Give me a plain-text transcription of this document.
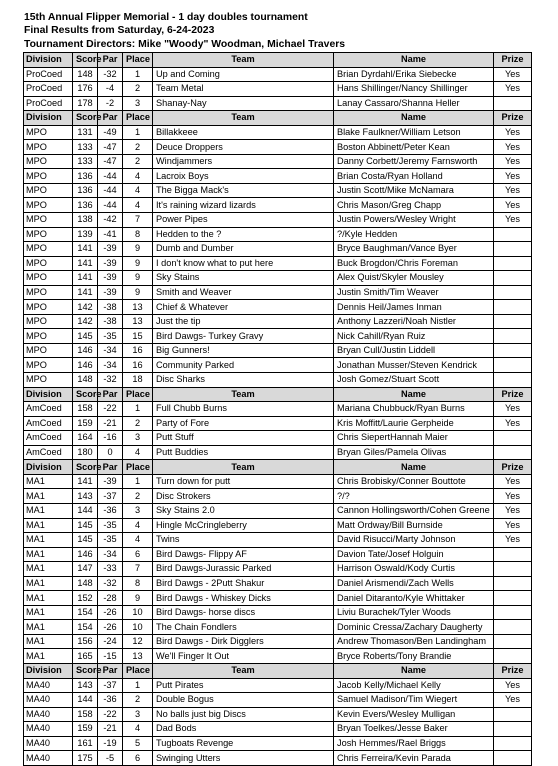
15th Annual Flipper Memorial - 1 day doubles tournament
Final Results from Saturday, 6-24-2023
Tournament Directors: Mike "Woody" Woodman, Michael Travers
Division	Score	Par	Place	Team	Name	Prize
ProCoed	148	-32	1	Up and Coming	Brian Dyrdahl/Erika Siebecke	Yes
ProCoed	176	-4	2	Team Metal	Hans Shillinger/Nancy Shillinger	Yes
ProCoed	178	-2	3	Shanay-Nay	Lanay Cassaro/Shanna Heller	
Division	Score	Par	Place	Team	Name	Prize
MPO	131	-49	1	Billakkeee	Blake Faulkner/William Letson	Yes
MPO	133	-47	2	Deuce Droppers	Boston Abbinett/Peter Kean	Yes
MPO	133	-47	2	Windjammers	Danny Corbett/Jeremy Farnsworth	Yes
MPO	136	-44	4	Lacroix Boys	Brian Costa/Ryan Holland	Yes
MPO	136	-44	4	The Bigga Mack's	Justin Scott/Mike McNamara	Yes
MPO	136	-44	4	It's raining wizard lizards	Chris Mason/Greg Chapp	Yes
MPO	138	-42	7	Power Pipes	Justin Powers/Wesley Wright	Yes
MPO	139	-41	8	Hedden to the ?	?/Kyle Hedden	
MPO	141	-39	9	Dumb and Dumber	Bryce Baughman/Vance Byer	
MPO	141	-39	9	I don't know what to put here	Buck Brogdon/Chris Foreman	
MPO	141	-39	9	Sky Stains	Alex Quist/Skyler Mousley	
MPO	141	-39	9	Smith and Weaver	Justin Smith/Tim Weaver	
MPO	142	-38	13	Chief & Whatever	Dennis Heil/James Inman	
MPO	142	-38	13	Just the tip	Anthony Lazzeri/Noah Nistler	
MPO	145	-35	15	Bird Dawgs- Turkey Gravy	Nick Cahill/Ryan Ruiz	
MPO	146	-34	16	Big Gunners!	Bryan Cull/Justin Liddell	
MPO	146	-34	16	Community Parked	Jonathan Musser/Steven Kendrick	
MPO	148	-32	18	Disc Sharks	Josh Gomez/Stuart Scott	
Division	Score	Par	Place	Team	Name	Prize
AmCoed	158	-22	1	Full Chubb Burns	Mariana Chubbuck/Ryan Burns	Yes
AmCoed	159	-21	2	Party of Fore	Kris Moffitt/Laurie Gerpheide	Yes
AmCoed	164	-16	3	Putt Stuff	Chris SiepertHannah Maier	
AmCoed	180	0	4	Putt Buddies	Bryan Giles/Pamela Olivas	
Division	Score	Par	Place	Team	Name	Prize
MA1	141	-39	1	Turn down for putt	Chris Brobisky/Conner Bouttote	Yes
MA1	143	-37	2	Disc Strokers	?/?	Yes
MA1	144	-36	3	Sky Stains 2.0	Cannon Hollingsworth/Cohen Greene	Yes
MA1	145	-35	4	Hingle McCringleberry	Matt Ordway/Bill Burnside	Yes
MA1	145	-35	4	Twins	David Risucci/Marty Johnson	Yes
MA1	146	-34	6	Bird Dawgs- Flippy AF	Davion Tate/Josef Holguin	
MA1	147	-33	7	Bird Dawgs-Jurassic Parked	Harrison Oswald/Kody Curtis	
MA1	148	-32	8	Bird Dawgs - 2Putt Shakur	Daniel Arismendi/Zach Wells	
MA1	152	-28	9	Bird Dawgs - Whiskey Dicks	Daniel Ditaranto/Kyle Whittaker	
MA1	154	-26	10	Bird Dawgs- horse discs	Liviu Burachek/Tyler Woods	
MA1	154	-26	10	The Chain Fondlers	Dominic Cressa/Zachary Daugherty	
MA1	156	-24	12	Bird Dawgs - Dirk Digglers	Andrew Thomason/Ben Landingham	
MA1	165	-15	13	We'll Finger It Out	Bryce Roberts/Tony Brandie	
Division	Score	Par	Place	Team	Name	Prize
MA40	143	-37	1	Putt Pirates	Jacob Kelly/Michael Kelly	Yes
MA40	144	-36	2	Double Bogus	Samuel Madison/Tim Wiegert	Yes
MA40	158	-22	3	No balls just big Discs	Kevin Evers/Wesley Mulligan	
MA40	159	-21	4	Dad Bods	Bryan Toelkes/Jesse Baker	
MA40	161	-19	5	Tugboats Revenge	Josh Hemmes/Rael Briggs	
MA40	175	-5	6	Swinging Utters	Chris Ferreira/Kevin Parada	
